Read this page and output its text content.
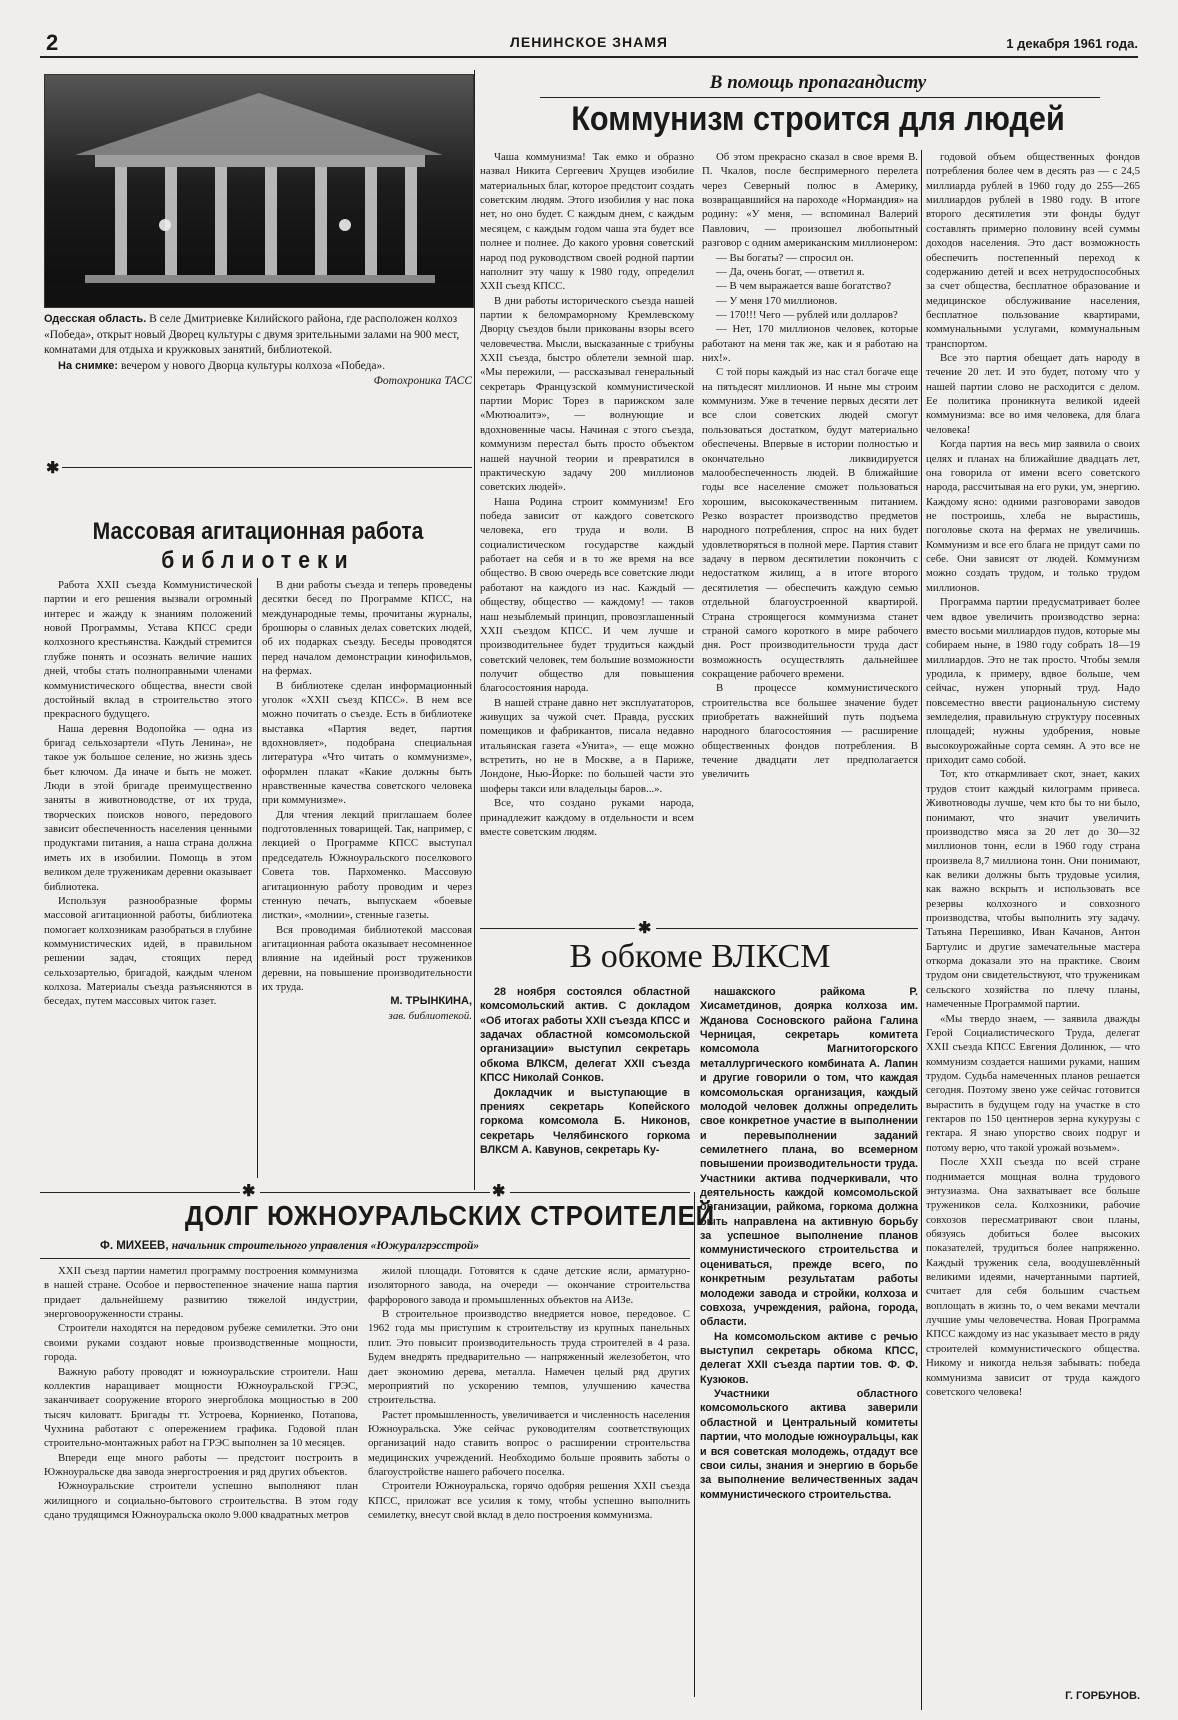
2	ЛЕНИНСКОЕ ЗНАМЯ	1 декабря 1961 года.
Одесская область. В селе Дмитриевке Килийского района, где расположен колхоз «Победа», открыт новый Дворец культуры с двумя зрительными залами на 900 мест, комнатами для отдыха и кружковых занятий, библиотекой.
На снимке: вечером у нового Дворца культуры колхоза «Победа».
Фотохроника ТАСС
✱
Массовая агитационная работа
библиотеки

Работа XXII съезда Коммунистической партии и его решения вызвали огромный интерес и жажду к знаниям положений новой Программы, Устава КПСС среди колхозного крестьянства. Каждый стремится глубже понять и осознать величие наших дней, чтобы стать полноправными членами коммунистического общества, внести свой достойный вклад в строительство этого прекрасного будущего.

Наша деревня Водопойка — одна из бригад сельхозартели «Путь Ленина», не такое уж большое селение, но жизнь здесь бьет ключом. Да иначе и быть не может. Люди в этой бригаде преимущественно заняты в животноводстве, от их труда, творческих поисков нового, передового зависит обеспеченность населения ценными продуктами питания, а наша страна должна иметь их в изобилии. Помощь в этом великом деле труженикам деревни оказывает библиотека.

Используя разнообразные формы массовой агитационной работы, библиотека помогает колхозникам разобраться в глубине коммунистических идей, в правильном решении задач, стоящих перед сельхозартелью, бригадой, каждым членом колхоза. Материалы съезда разъясняются в беседах, путем массовых читок газет.

В дни работы съезда и теперь проведены десятки бесед по Программе КПСС, на международные темы, прочитаны журналы, брошюры о славных делах советских людей, об их подарках съезду. Беседы проводятся перед началом демонстрации кинофильмов, на фермах.

В библиотеке сделан информационный уголок «XXII съезд КПСС». В нем все можно почитать о съезде. Есть в библиотеке выставка «Партия ведет, партия вдохновляет», подобрана специальная литература «Что читать о коммунизме», оформлен плакат «Какие должны быть нравственные качества советского человека при коммунизме».

Для чтения лекций приглашаем более подготовленных товарищей. Так, например, с лекцией о Программе КПСС выступал председатель Южноуральского поселкового Совета тов. Пархоменко. Массовую агитационную работу проводим и через стенную печать, выпускаем «боевые листки», «молнии», стенные газеты.

Вся проводимая библиотекой массовая агитационная работа оказывает несомненное влияние на идейный рост тружеников деревни, на повышение производительности их труда.

М. ТРЫНКИНА,
зав. библиотекой.
В помощь пропагандисту
Коммунизм строится для людей

Чаша коммунизма! Так емко и образно назвал Никита Сергеевич Хрущев изобилие материальных благ, которое предстоит создать советским людям. Этого изобилия у нас пока нет, но оно будет. С каждым днем, с каждым месяцем, с каждым годом чаша эта будет все полнее и полнее. До какого уровня советский народ под руководством своей родной партии наполнит эту чашу к 1980 году, определил XXII съезд КПСС.

В дни работы исторического съезда нашей партии к беломраморному Кремлевскому Дворцу съездов были прикованы взоры всего человечества. Мысли, высказанные с трибуны XXII съезда, быстро облетели земной шар. «Мы пережили, — рассказывал генеральный секретарь Французской коммунистической партии Морис Торез в парижском зале «Мютюалитэ», — волнующие и вдохновенные часы. Начиная с этого съезда, коммунизм перестал быть просто объектом нашей научной теории и превратился в практическую задачу 200 миллионов советских людей».

Наша Родина строит коммунизм! Его победа зависит от каждого советского человека, его труда и воли. В социалистическом государстве каждый работает на себя и в то же время на все общество. В свою очередь все советские люди работают на каждого из нас. Каждый — обществу, общество — каждому! — таков наш незыблемый принцип, провозглашенный XXII съездом КПСС. И чем лучше и производительнее будет трудиться каждый советский человек, тем большие возможности получит общество для повышения благосостояния народа.

В нашей стране давно нет эксплуататоров, живущих за чужой счет. Правда, русских помещиков и фабрикантов, писала недавно итальянская газета «Унита», — еще можно встретить, но не в Москве, а в Париже, Лондоне, Нью-Йорке: по большей части это шоферы такси или владельцы баров...».

Все, что создано руками народа, принадлежит каждому в отдельности и всем вместе советским людям.

Об этом прекрасно сказал в свое время В. П. Чкалов, после беспримерного перелета через Северный полюс в Америку, возвращавшийся на пароходе «Нормандия» на родину: «У меня, — вспоминал Валерий Павлович, — произошел любопытный разговор с одним американским миллионером:

— Вы богаты? — спросил он.

— Да, очень богат, — ответил я.

— В чем выражается ваше богатство?

— У меня 170 миллионов.

— 170!!! Чего — рублей или долларов?

— Нет, 170 миллионов человек, которые работают на меня так же, как и я работаю на них!».

С той поры каждый из нас стал богаче еще на пятьдесят миллионов. И ныне мы строим коммунизм. Уже в течение первых десяти лет все слои советских людей смогут пользоваться достатком, будут материально обеспечены. Впервые в истории полностью и окончательно ликвидируется малообеспеченность людей. В ближайшие годы все население сможет пользоваться хорошим, высококачественным питанием. Резко возрастет производство предметов народного потребления, спрос на них будет удовлетворяться в полной мере. Партия ставит задачу в первом десятилетии покончить с недостатком жилищ, а в итоге второго десятилетия — обеспечить каждую семью отдельной благоустроенной квартирой. Страна строящегося коммунизма станет страной самого короткого в мире рабочего дня. Рост производительности труда даст возможность осуществлять дальнейшее сокращение рабочего времени.

В процессе коммунистического строительства все большее значение будет приобретать важнейший путь подъема народного благосостояния — расширение общественных фондов потребления. В течение двадцати лет предполагается увеличить

годовой объем общественных фондов потребления более чем в десять раз — с 24,5 миллиарда рублей в 1960 году до 255—265 миллиардов рублей в 1980 году. В итоге второго десятилетия эти фонды будут составлять примерно половину всей суммы доходов населения. Это даст возможность обеспечить постепенный переход к содержанию детей и всех нетрудоспособных за счет общества, бесплатное образование и медицинское обслуживание населения, бесплатное пользование квартирами, коммунальными услугами, коммунальным транспортом.

Все это партия обещает дать народу в течение 20 лет. И это будет, потому что у нашей партии слово не расходится с делом. Ее политика проникнута великой идеей коммунизма: все во имя человека, для блага человека!

Когда партия на весь мир заявила о своих целях и планах на ближайшие двадцать лет, она говорила от имени всего советского народа, рассчитывая на его руки, ум, энергию. Каждому ясно: одними разговорами заводов не построишь, хлеба не вырастишь, поголовье скота на фермах не увеличишь. Коммунизм и все его блага не придут сами по себе. Они зависят от людей. Коммунизм можно создать трудом, и только трудом миллионов.

Программа партии предусматривает более чем вдвое увеличить производство зерна: вместо восьми миллиардов пудов, которые мы собираем ныне, в 1980 году собрать 18—19 миллиардов. Это не так просто. Чтобы земля уродила, к примеру, вдвое больше, чем сейчас, нужен упорный труд. Надо повсеместно ввести рациональную систему земледелия, правильную структуру посевных площадей; нужны удобрения, новые высокоурожайные сорта семян. А это все не приходит само собой.

Тот, кто откармливает скот, знает, каких трудов стоит каждый килограмм привеса. Животноводы лучше, чем кто бы то ни было, понимают, что значит увеличить производство мяса за 20 лет до 30—32 миллионов тонн, если в 1960 году страна произвела 8,7 миллиона тонн. Они понимают, как велики должны быть трудовые усилия, как важно вскрыть и использовать все резервы колхозного и совхозного производства, чтобы выполнить эту задачу. Татьяна Перешивко, Иван Качанов, Антон Бартулис и другие замечательные мастера откорма доказали это на практике. Своим трудом они свидетельствуют, что труженикам сельского хозяйства по плечу планы, намеченные Программой партии.

«Мы твердо знаем, — заявила дважды Герой Социалистического Труда, делегат XXII съезда КПСС Евгения Долинюк, — что коммунизм создается нашими руками, нашим трудом. Судьба намеченных планов решается сегодня. Поэтому звено уже сейчас готовится вырастить в будущем году на участке в сто гектаров по 150 центнеров зерна кукурузы с гектара. Я знаю упорство своих подруг и потому верю, что такой урожай возьмем».

После XXII съезда по всей стране поднимается мощная волна трудового энтузиазма. Она захватывает все больше тружеников села. Колхозники, рабочие совхозов пересматривают свои планы, обязуясь добиться более высоких показателей, трудиться более напряженно. Каждый труженик села, воодушевлённый великими идеями, начертанными партией, считает для себя большим счастьем воплощать в жизнь то, о чем веками мечтали лучшие умы человечества. Новая Программа КПСС каждому из нас указывает место в ряду строителей коммунистического общества. Никому и никогда нельзя забывать: победа коммунизма зависит от труда каждого советского человека!

Г. ГОРБУНОВ.
✱
В обкоме ВЛКСМ

28 ноября состоялся областной комсомольский актив. С докладом «Об итогах работы XXII съезда КПСС и задачах областной комсомольской организации» выступил секретарь обкома ВЛКСМ, делегат XXII съезда КПСС Николай Сонков.

Докладчик и выступающие в прениях секретарь Копейского горкома комсомола Б. Никонов, секретарь Челябинского горкома ВЛКСМ А. Кавунов, секретарь Ку-

нашакского райкома Р. Хисаметдинов, доярка колхоза им. Жданова Сосновского района Галина Черницая, секретарь комитета комсомола Магнитогорского металлургического комбината А. Лапин и другие говорили о том, что каждая комсомольская организация, каждый молодой человек должны определить свое конкретное участие в выполнении и перевыполнении заданий семилетнего плана, во всемерном повышении производительности труда. Участники актива подчеркивали, что деятельность каждой комсомольской организации, райкома, горкома должна быть направлена на активную борьбу за успешное выполнение планов коммунистического строительства и оцениваться, прежде всего, по конкретным результатам работы молодежи завода и стройки, колхоза и совхоза, учреждения, района, города, области.

На комсомольском активе с речью выступил секретарь обкома КПСС, делегат XXII съезда партии тов. Ф. Ф. Кузюков.

Участники областного комсомольского актива заверили областной и Центральный комитеты партии, что молодые южноуральцы, как и вся советская молодежь, отдадут все свои силы, знания и энергию в борьбе за выполнение величественных задач коммунистического строительства.

✱	✱
ДОЛГ ЮЖНОУРАЛЬСКИХ СТРОИТЕЛЕЙ
Ф. МИХЕЕВ, начальник строительного управления «Южуралгрэсстрой»

XXII съезд партии наметил программу построения коммунизма в нашей стране. Особое и первостепенное значение наша партия придает дальнейшему развитию тяжелой индустрии, энерговооруженности страны.

Строители находятся на передовом рубеже семилетки. Это они своими руками создают новые производственные мощности, города.

Важную работу проводят и южноуральские строители. Наш коллектив наращивает мощности Южноуральской ГРЭС, заканчивает сооружение второго энергоблока мощностью в 200 тысяч киловатт. Бригады тт. Устроева, Корниенко, Потапова, Чухнина работают с опережением графика. Годовой план строительно-монтажных работ на ГРЭС выполнен за 10 месяцев.

Впереди еще много работы — предстоит построить в Южноуральске два завода энергостроения и ряд других объектов.

Южноуральские строители успешно выполняют план жилищного и социально-бытового строительства. В этом году сдано трудящимся Южноуральска около 9.000 квадратных метров

жилой площади. Готовятся к сдаче детские ясли, арматурно-изоляторного завода, на очереди — окончание строительства фарфорового завода и промышленных объектов на АИЗе.

В строительное производство внедряется новое, передовое. С 1962 года мы приступим к строительству из крупных панельных плит. Это повысит производительность труда строителей в 4 раза. Будем внедрять предварительно — напряженный железобетон, что дает экономию дерева, металла. Намечен целый ряд других мероприятий по ускорению темпов, улучшению качества строительства.

Растет промышленность, увеличивается и численность населения Южноуральска. Уже сейчас руководителям соответствующих организаций надо ставить вопрос о расширении строительства медицинских учреждений. Необходимо больше проявить заботы о благоустройстве нашего рабочего поселка.

Строители Южноуральска, горячо одобряя решения XXII съезда КПСС, приложат все усилия к тому, чтобы успешно выполнить семилетку, внесут свой вклад в дело построения коммунизма.
